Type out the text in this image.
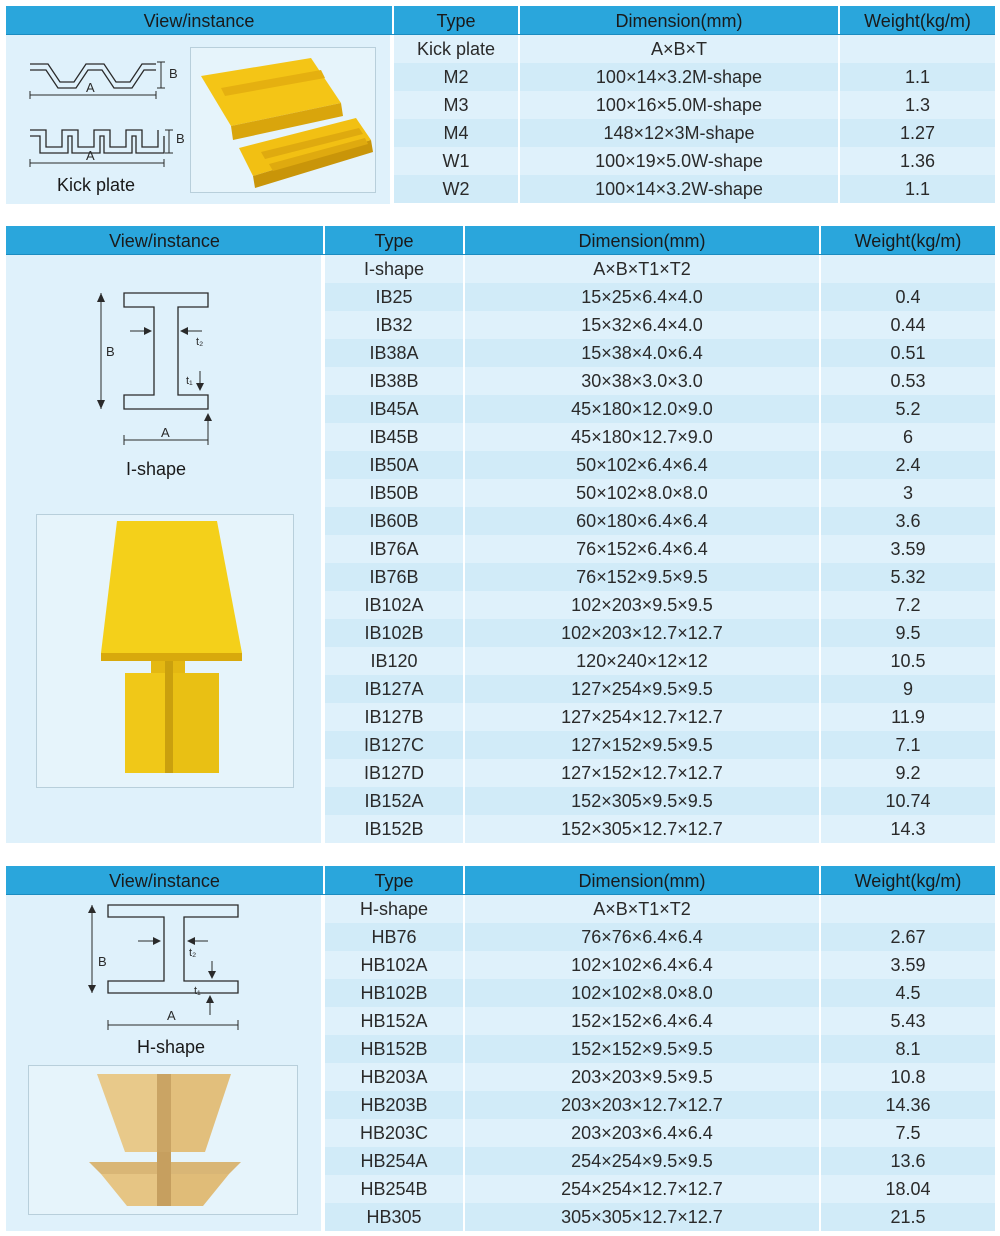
View/instance	Type	Dimension(mm)	Weight(kg/m)
A
B
A
B
Kick plate
Kick plate	A×B×T
M2	100×14×3.2M-shape	1.1
M3	100×16×5.0M-shape	1.3
M4	148×12×3M-shape	1.27
W1	100×19×5.0W-shape	1.36
W2	100×14×3.2W-shape	1.1
View/instance	Type	Dimension(mm)	Weight(kg/m)
B
A
t₂
t₁
I-shape
I-shape	A×B×T1×T2
IB25	15×25×6.4×4.0	0.4
IB32	15×32×6.4×4.0	0.44
IB38A	15×38×4.0×6.4	0.51
IB38B	30×38×3.0×3.0	0.53
IB45A	45×180×12.0×9.0	5.2
IB45B	45×180×12.7×9.0	6
IB50A	50×102×6.4×6.4	2.4
IB50B	50×102×8.0×8.0	3
IB60B	60×180×6.4×6.4	3.6
IB76A	76×152×6.4×6.4	3.59
IB76B	76×152×9.5×9.5	5.32
IB102A	102×203×9.5×9.5	7.2
IB102B	102×203×12.7×12.7	9.5
IB120	120×240×12×12	10.5
IB127A	127×254×9.5×9.5	9
IB127B	127×254×12.7×12.7	11.9
IB127C	127×152×9.5×9.5	7.1
IB127D	127×152×12.7×12.7	9.2
IB152A	152×305×9.5×9.5	10.74
IB152B	152×305×12.7×12.7	14.3
View/instance	Type	Dimension(mm)	Weight(kg/m)
B
A
t₂
t₁
H-shape
H-shape	A×B×T1×T2
HB76	76×76×6.4×6.4	2.67
HB102A	102×102×6.4×6.4	3.59
HB102B	102×102×8.0×8.0	4.5
HB152A	152×152×6.4×6.4	5.43
HB152B	152×152×9.5×9.5	8.1
HB203A	203×203×9.5×9.5	10.8
HB203B	203×203×12.7×12.7	14.36
HB203C	203×203×6.4×6.4	7.5
HB254A	254×254×9.5×9.5	13.6
HB254B	254×254×12.7×12.7	18.04
HB305	305×305×12.7×12.7	21.5
